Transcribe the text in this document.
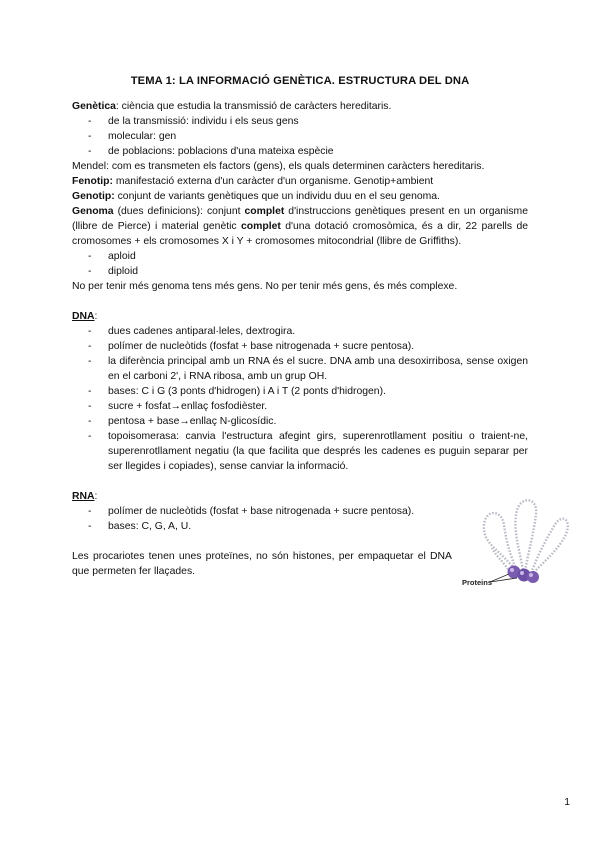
TEMA 1: LA INFORMACIÓ GENÈTICA. ESTRUCTURA DEL DNA

Genètica: ciència que estudia la transmissió de caràcters hereditaris.

- de la transmissió: individu i els seus gens
- molecular: gen
- de poblacions: poblacions d'una mateixa espècie

Mendel: com es transmeten els factors (gens), els quals determinen caràcters hereditaris.

Fenotip: manifestació externa d'un caràcter d'un organisme. Genotip+ambient

Genotip: conjunt de variants genètiques que un individu duu en el seu genoma.

Genoma (dues definicions): conjunt complet d'instruccions genètiques present en un organisme (llibre de Pierce) i material genètic complet d'una dotació cromosòmica, és a dir, 22 parells de cromosomes + els cromosomes X i Y + cromosomes mitocondrial (llibre de Griffiths).

- aploid
- diploid

No per tenir més genoma tens més gens. No per tenir més gens, és més complexe.

DNA:

- dues cadenes antiparal·leles, dextrogira.
- polímer de nucleòtids (fosfat + base nitrogenada + sucre pentosa).
- la diferència principal amb un RNA és el sucre. DNA amb una desoxirribosa, sense oxigen en el carboni 2', i RNA ribosa, amb un grup OH.
- bases: C i G (3 ponts d'hidrogen) i A i T (2 ponts d'hidrogen).
- sucre + fosfat→enllaç fosfodièster.
- pentosa + base→enllaç N-glicosídic.
- topoisomerasa: canvia l'estructura afegint girs, superenrotllament positiu o traient-ne, superenrotllament negatiu (la que facilita que després les cadenes es puguin separar per ser llegides i copiades), sense canviar la informació.

RNA:

- polímer de nucleòtids (fosfat + base nitrogenada + sucre pentosa).
- bases: C, G, A, U.

Les procariotes tenen unes proteïnes, no són histones, per empaquetar el DNA que permeten fer llaçades.

Proteins
1
